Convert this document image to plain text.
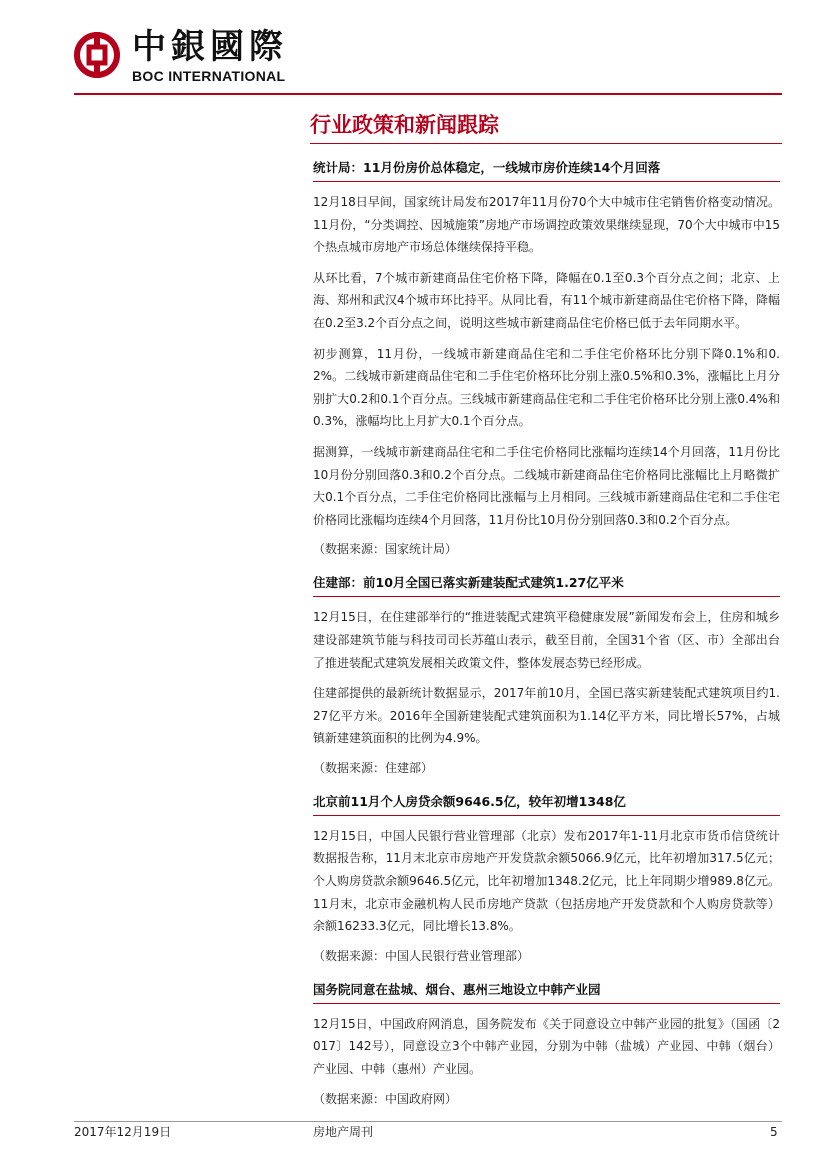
中銀國際
BOC INTERNATIONAL
行业政策和新闻跟踪
统计局：11月份房价总体稳定，一线城市房价连续14个月回落

12月18日早间，国家统计局发布2017年11月份70个大中城市住宅销售价格变动情况。11月份，“分类调控、因城施策”房地产市场调控政策效果继续显现，70个大中城市中15个热点城市房地产市场总体继续保持平稳。

从环比看，7个城市新建商品住宅价格下降，降幅在0.1至0.3个百分点之间；北京、上海、郑州和武汉4个城市环比持平。从同比看，有11个城市新建商品住宅价格下降，降幅在0.2至3.2个百分点之间，说明这些城市新建商品住宅价格已低于去年同期水平。

初步测算，11月份，一线城市新建商品住宅和二手住宅价格环比分别下降0.1%和0.2%。二线城市新建商品住宅和二手住宅价格环比分别上涨0.5%和0.3%，涨幅比上月分别扩大0.2和0.1个百分点。三线城市新建商品住宅和二手住宅价格环比分别上涨0.4%和0.3%，涨幅均比上月扩大0.1个百分点。

据测算，一线城市新建商品住宅和二手住宅价格同比涨幅均连续14个月回落，11月份比10月份分别回落0.3和0.2个百分点。二线城市新建商品住宅价格同比涨幅比上月略微扩大0.1个百分点，二手住宅价格同比涨幅与上月相同。三线城市新建商品住宅和二手住宅价格同比涨幅均连续4个月回落，11月份比10月份分别回落0.3和0.2个百分点。

（数据来源：国家统计局）
住建部：前10月全国已落实新建装配式建筑1.27亿平米

12月15日，在住建部举行的“推进装配式建筑平稳健康发展”新闻发布会上，住房和城乡建设部建筑节能与科技司司长苏蕴山表示，截至目前，全国31个省（区、市）全部出台了推进装配式建筑发展相关政策文件，整体发展态势已经形成。

住建部提供的最新统计数据显示，2017年前10月，全国已落实新建装配式建筑项目约1.27亿平方米。2016年全国新建装配式建筑面积为1.14亿平方米，同比增长57%，占城镇新建建筑面积的比例为4.9%。

（数据来源：住建部）
北京前11月个人房贷余额9646.5亿，较年初增1348亿

12月15日，中国人民银行营业管理部（北京）发布2017年1-11月北京市货币信贷统计数据报告称，11月末北京市房地产开发贷款余额5066.9亿元，比年初增加317.5亿元；个人购房贷款余额9646.5亿元，比年初增加1348.2亿元，比上年同期少增989.8亿元。11月末，北京市金融机构人民币房地产贷款（包括房地产开发贷款和个人购房贷款等）余额16233.3亿元，同比增长13.8%。

（数据来源：中国人民银行营业管理部）
国务院同意在盐城、烟台、惠州三地设立中韩产业园

12月15日，中国政府网消息，国务院发布《关于同意设立中韩产业园的批复》（国函〔2017〕142号），同意设立3个中韩产业园，分别为中韩（盐城）产业园、中韩（烟台）产业园、中韩（惠州）产业园。

（数据来源：中国政府网）
2017年12月19日	房地产周刊	5
